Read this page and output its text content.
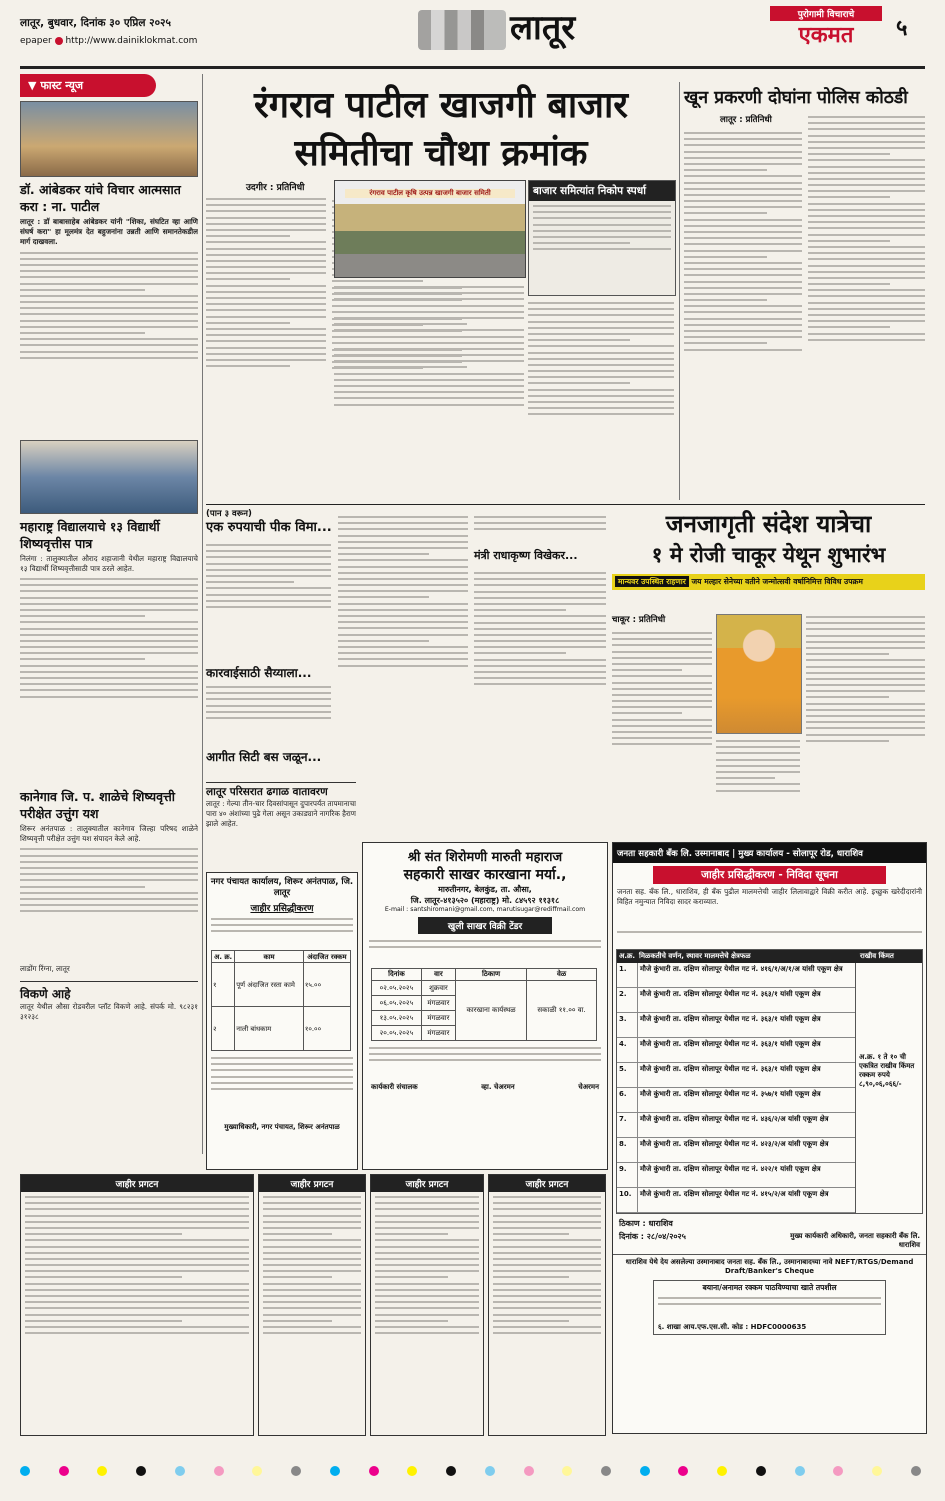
लातूर, बुधवार, दिनांक ३० एप्रिल २०२५
epaper http://www.dainiklokmat.com	लातूर	पुरोगामी विचाराचे
एकमत	५
▼ फास्ट न्यूज
डॉ. आंबेडकर यांचे विचार आत्मसात करा : ना. पाटील
लातूर : डॉ बाबासाहेब आंबेडकर यांनी "शिका, संघटित व्हा आणि संघर्ष करा" हा मूलमंत्र देत बहुजनांना उन्नती आणि समानतेकडील मार्ग दाखवला.
महाराष्ट्र विद्यालयाचे १३ विद्यार्थी शिष्यवृत्तीस पात्र
निलंगा : तालुक्यातील औराद शहाजानी येथील महाराष्ट्र विद्यालयाचे १३ विद्यार्थी शिष्यवृत्तीसाठी पात्र ठरले आहेत.
कानेगाव जि. प. शाळेचे शिष्यवृत्ती परीक्षेत उत्तुंग यश
शिरूर अनंतपाळ : तालुक्यातील कानेगाव जिल्हा परिषद शाळेने शिष्यवृत्ती परीक्षेत उत्तुंग यश संपादन केले आहे.
लाडोंग रिंग्ना, लातूर
विकणे आहे
लातूर येथील औसा रोडवरील प्लॉट विकणे आहे. संपर्क मो. ९८२३१ ३१२३८
रंगराव पाटील खाजगी बाजार
समितीचा चौथा क्रमांक
उदगीर : प्रतिनिधी	रंगराव पाटील कृषि उत्पन्न खाजगी बाजार समिती	बाजार समित्यांत निकोप स्पर्धा
खून प्रकरणी दोघांना पोलिस कोठडी
लातूर : प्रतिनिधी
(पान ३ वरून)
एक रुपयाची पीक विमा...
कारवाईसाठी सैय्याला...
आगीत सिटी बस जळून...
मंत्री राधाकृष्ण विखेकर...
जनजागृती संदेश यात्रेचा
१ मे रोजी चाकूर येथून शुभारंभ
मान्यवर उपस्थित राहणार जय मल्हार सेनेच्या वतीने जन्मोत्सवी वर्षानिमित्त विविध उपक्रम
चाकूर : प्रतिनिधी
लातूर परिसरात ढगाळ वातावरण
लातूर : गेल्या तीन-चार दिवसांपासून दुपारपर्यंत तापमानाचा पारा ४० अंशांच्या पुढे गेला असून उकाड्याने नागरिक हैराण झाले आहेत.
नगर पंचायत कार्यालय, शिरूर अनंतपाळ, जि. लातूर
जाहीर प्रसिद्धीकरण
अ. क्र.	काम	अंदाजित रक्कम
१	पूर्ण अंदाजित रस्ता कामे	१५.००
२	नाली बांधकाम	१०.००
मुख्याधिकारी, नगर पंचायत, शिरूर अनंतपाळ
श्री संत शिरोमणी मारुती महाराज
सहकारी साखर कारखाना मर्या.,
मारुतीनगर, बेलकुंड, ता. औसा,
जि. लातूर-४१३५२० (महाराष्ट्र) मो. ८४५९२ ११३१८
E-mail : santshiromani@gmail.com, marutisugar@rediffmail.com
खुली साखर विक्री टेंडर
दिनांक	वार	ठिकाण	वेळ
०२.०५.२०२५	शुक्रवार	कारखाना कार्यस्थळ	सकाळी ११.०० वा.
०६.०५.२०२५	मंगळवार		
१३.०५.२०२५	मंगळवार		
२०.०५.२०२५	मंगळवार		
कार्यकारी संचालक	व्हा. चेअरमन	चेअरमन
जनता सहकारी बँक लि. उस्मानाबाद | मुख्य कार्यालय - सोलापूर रोड, धाराशिव
जाहीर प्रसिद्धीकरण - निविदा सूचना
जनता सह. बँक लि., धाराशिव, ही बँक पुढील मालमत्तेची जाहीर लिलावाद्वारे विक्री करीत आहे. इच्छुक खरेदीदारांनी विहित नमुन्यात निविदा सादर कराव्यात.
अ.क्र. मिळकतीचे वर्णन, स्थावर मालमत्तेचे क्षेत्रफळ	राखीव किंमत
1.	मौजे कुंभारी ता. दक्षिण सोलापूर येथील गट नं. ४१६/१/अ/१/अ यांसी एकूण क्षेत्र
2.	मौजे कुंभारी ता. दक्षिण सोलापूर येथील गट नं. ३६३/१ यांसी एकूण क्षेत्र
3.	मौजे कुंभारी ता. दक्षिण सोलापूर येथील गट नं. ३६३/१ यांसी एकूण क्षेत्र
4.	मौजे कुंभारी ता. दक्षिण सोलापूर येथील गट नं. ३६३/१ यांसी एकूण क्षेत्र
5.	मौजे कुंभारी ता. दक्षिण सोलापूर येथील गट नं. ३६३/१ यांसी एकूण क्षेत्र
6.	मौजे कुंभारी ता. दक्षिण सोलापूर येथील गट नं. ३५७/१ यांसी एकूण क्षेत्र
7.	मौजे कुंभारी ता. दक्षिण सोलापूर येथील गट नं. ४३६/२/अ यांसी एकूण क्षेत्र
8.	मौजे कुंभारी ता. दक्षिण सोलापूर येथील गट नं. ४२३/२/अ यांसी एकूण क्षेत्र
9.	मौजे कुंभारी ता. दक्षिण सोलापूर येथील गट नं. ४२२/१ यांसी एकूण क्षेत्र
10.	मौजे कुंभारी ता. दक्षिण सोलापूर येथील गट नं. ४१५/२/अ यांसी एकूण क्षेत्र
अ.क्र. १ ते १० ची एकत्रित राखीव किंमत रक्कम रुपये ८,९०,०६,०६६/-
ठिकाण : धाराशिव
दिनांक : २८/०४/२०२५	मुख्य कार्यकारी अधिकारी, जनता सहकारी बँक लि. धाराशिव
धाराशिव येथे देय असलेल्या उस्मानाबाद जनता सह. बँक लि., उस्मानाबादच्या नावे NEFT/RTGS/Demand Draft/Banker's Cheque
बयाना/अनामत रक्कम पाठविण्याचा खाते तपशील
६. शाखा आय.एफ.एस.सी. कोड : HDFC0000635
जाहीर प्रगटन	जाहीर प्रगटन	जाहीर प्रगटन	जाहीर प्रगटन
